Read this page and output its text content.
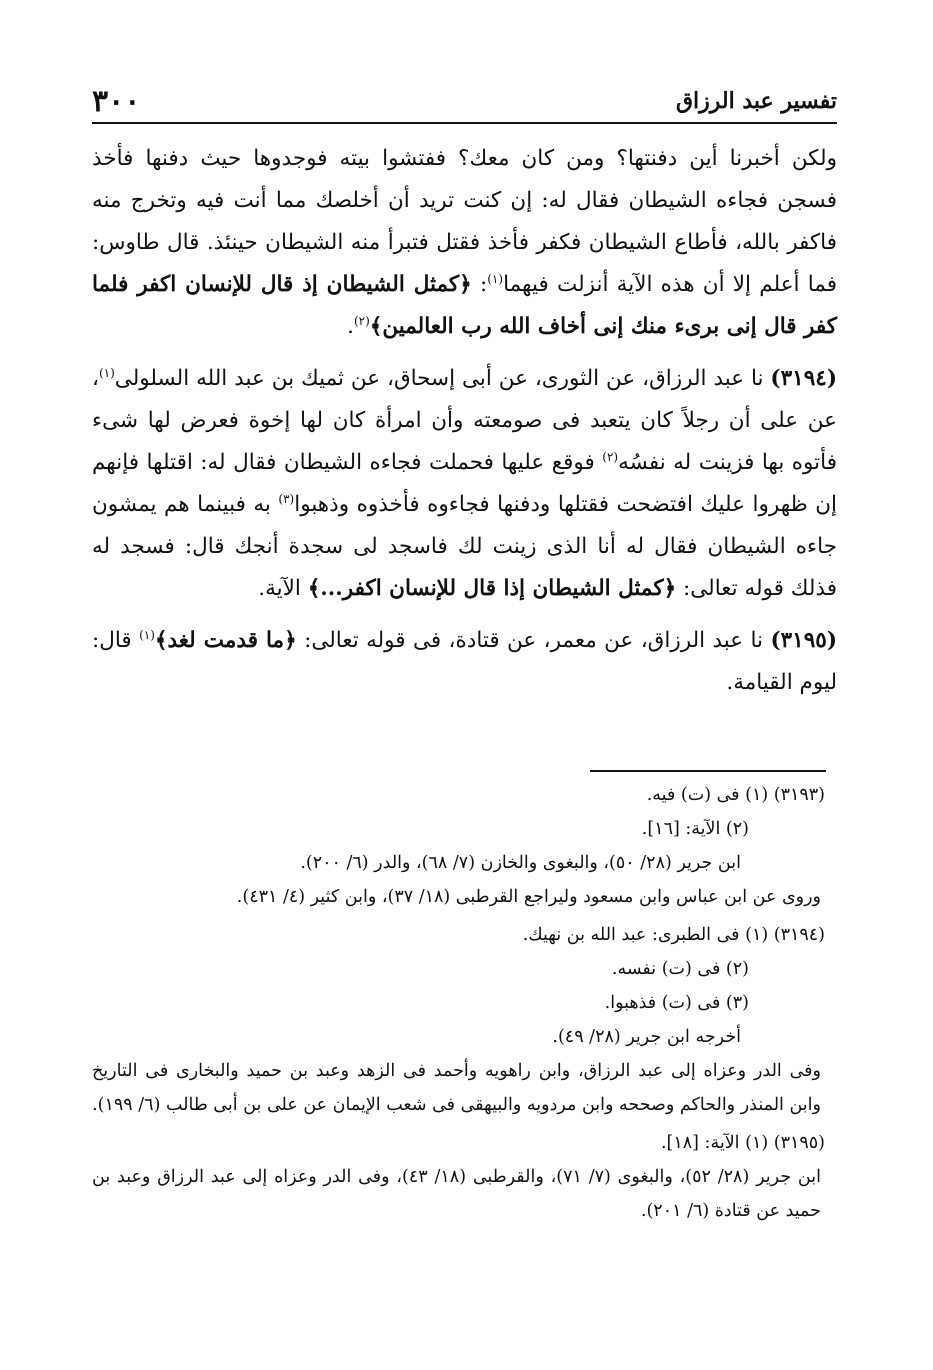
٣٠٠	تفسير عبد الرزاق

ولكن أخبرنا أين دفنتها؟ ومن كان معك؟ ففتشوا بيته فوجدوها حيث دفنها فأخذ فسجن فجاءه الشيطان فقال له: إن كنت تريد أن أخلصك مما أنت فيه وتخرج منه فاكفر بالله، فأطاع الشيطان فكفر فأخذ فقتل فتبرأ منه الشيطان حينئذ. قال طاوس: فما أعلم إلا أن هذه الآية أنزلت فيهما$^{(١)}$: ﴿كمثل الشيطان إذ قال للإنسان اكفر فلما كفر قال إنى برىء منك إنى أخاف الله رب العالمين﴾$^{(٢)}$.

(٣١٩٤) نا عبد الرزاق، عن الثورى، عن أبى إسحاق، عن ثميك بن عبد الله السلولى$^{(١)}$، عن على أن رجلاً كان يتعبد فى صومعته وأن امرأة كان لها إخوة فعرض لها شىء فأتوه بها فزينت له نفسُه$^{(٢)}$ فوقع عليها فحملت فجاءه الشيطان فقال له: اقتلها فإنهم إن ظهروا عليك افتضحت فقتلها ودفنها فجاءوه فأخذوه وذهبوا$^{(٣)}$ به فبينما هم يمشون جاءه الشيطان فقال له أنا الذى زينت لك فاسجد لى سجدة أنجك قال: فسجد له فذلك قوله تعالى: ﴿كمثل الشيطان إذا قال للإنسان اكفر...﴾ الآية.

(٣١٩٥) نا عبد الرزاق، عن معمر، عن قتادة، فى قوله تعالى: ﴿ما قدمت لغد﴾$^{(١)}$ قال: ليوم القيامة.

(٣١٩٣) (١) فى (ت) فيه.
(٢) الآية: [١٦].
ابن جرير (٢٨/ ٥٠)، والبغوى والخازن (٧/ ٦٨)، والدر (٦/ ٢٠٠).
وروى عن ابن عباس وابن مسعود وليراجع القرطبى (١٨/ ٣٧)، وابن كثير (٤/ ٤٣١).
(٣١٩٤) (١) فى الطبرى: عبد الله بن نهيك.
(٢) فى (ت) نفسه.
(٣) فى (ت) فذهبوا.
أخرجه ابن جرير (٢٨/ ٤٩).
وفى الدر وعزاه إلى عبد الرزاق، وابن راهويه وأحمد فى الزهد وعبد بن حميد والبخارى فى التاريخ وابن المنذر والحاكم وصححه وابن مردويه والبيهقى فى شعب الإيمان عن على بن أبى طالب (٦/ ١٩٩).
(٣١٩٥) (١) الآية: [١٨].
ابن جرير (٢٨/ ٥٢)، والبغوى (٧/ ٧١)، والقرطبى (١٨/ ٤٣)، وفى الدر وعزاه إلى عبد الرزاق وعبد بن حميد عن قتادة (٦/ ٢٠١).
